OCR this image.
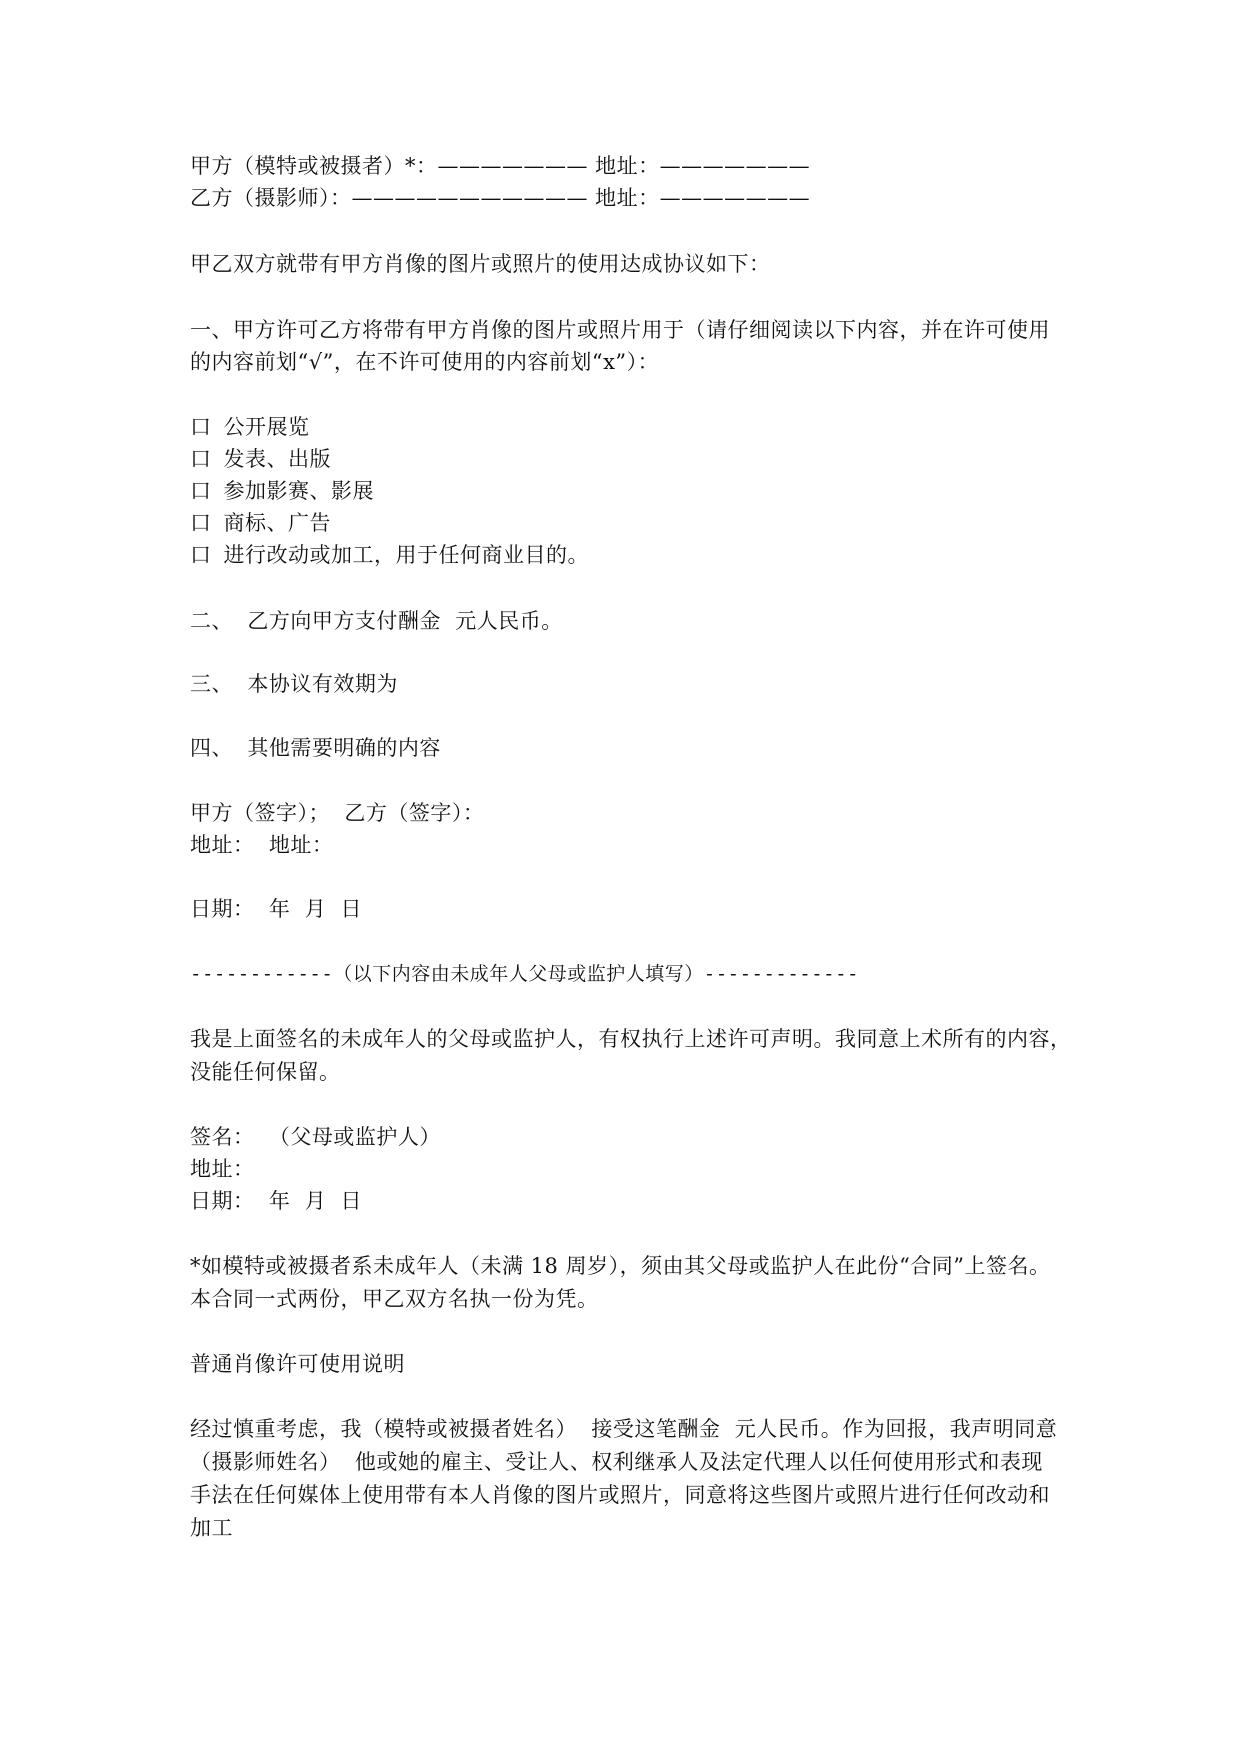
甲方（模特或被摄者）*：——————— 地址：———————
乙方（摄影师）：——————————— 地址：———————
甲乙双方就带有甲方肖像的图片或照片的使用达成协议如下：
一、甲方许可乙方将带有甲方肖像的图片或照片用于（请仔细阅读以下内容，并在许可使用
的内容前划“√”，在不许可使用的内容前划“x”）：
口 公开展览
口 发表、出版
口 参加影赛、影展
口 商标、广告
口 进行改动或加工，用于任何商业目的。
二、  乙方向甲方支付酬金  元人民币。
三、  本协议有效期为
四、  其他需要明确的内容
甲方（签字）；  乙方（签字）：
地址：  地址：
日期：  年  月  日
------------（以下内容由未成年人父母或监护人填写）-------------
我是上面签名的未成年人的父母或监护人，有权执行上述许可声明。我同意上术所有的内容，
没能任何保留。
签名：  （父母或监护人）
地址：
日期：  年  月  日
*如模特或被摄者系未成年人（未满 18 周岁），须由其父母或监护人在此份“合同”上签名。
本合同一式两份，甲乙双方名执一份为凭。
普通肖像许可使用说明
经过慎重考虑，我（模特或被摄者姓名）  接受这笔酬金  元人民币。作为回报，我声明同意
（摄影师姓名）  他或她的雇主、受让人、权利继承人及法定代理人以任何使用形式和表现
手法在任何媒体上使用带有本人肖像的图片或照片，同意将这些图片或照片进行任何改动和
加工
